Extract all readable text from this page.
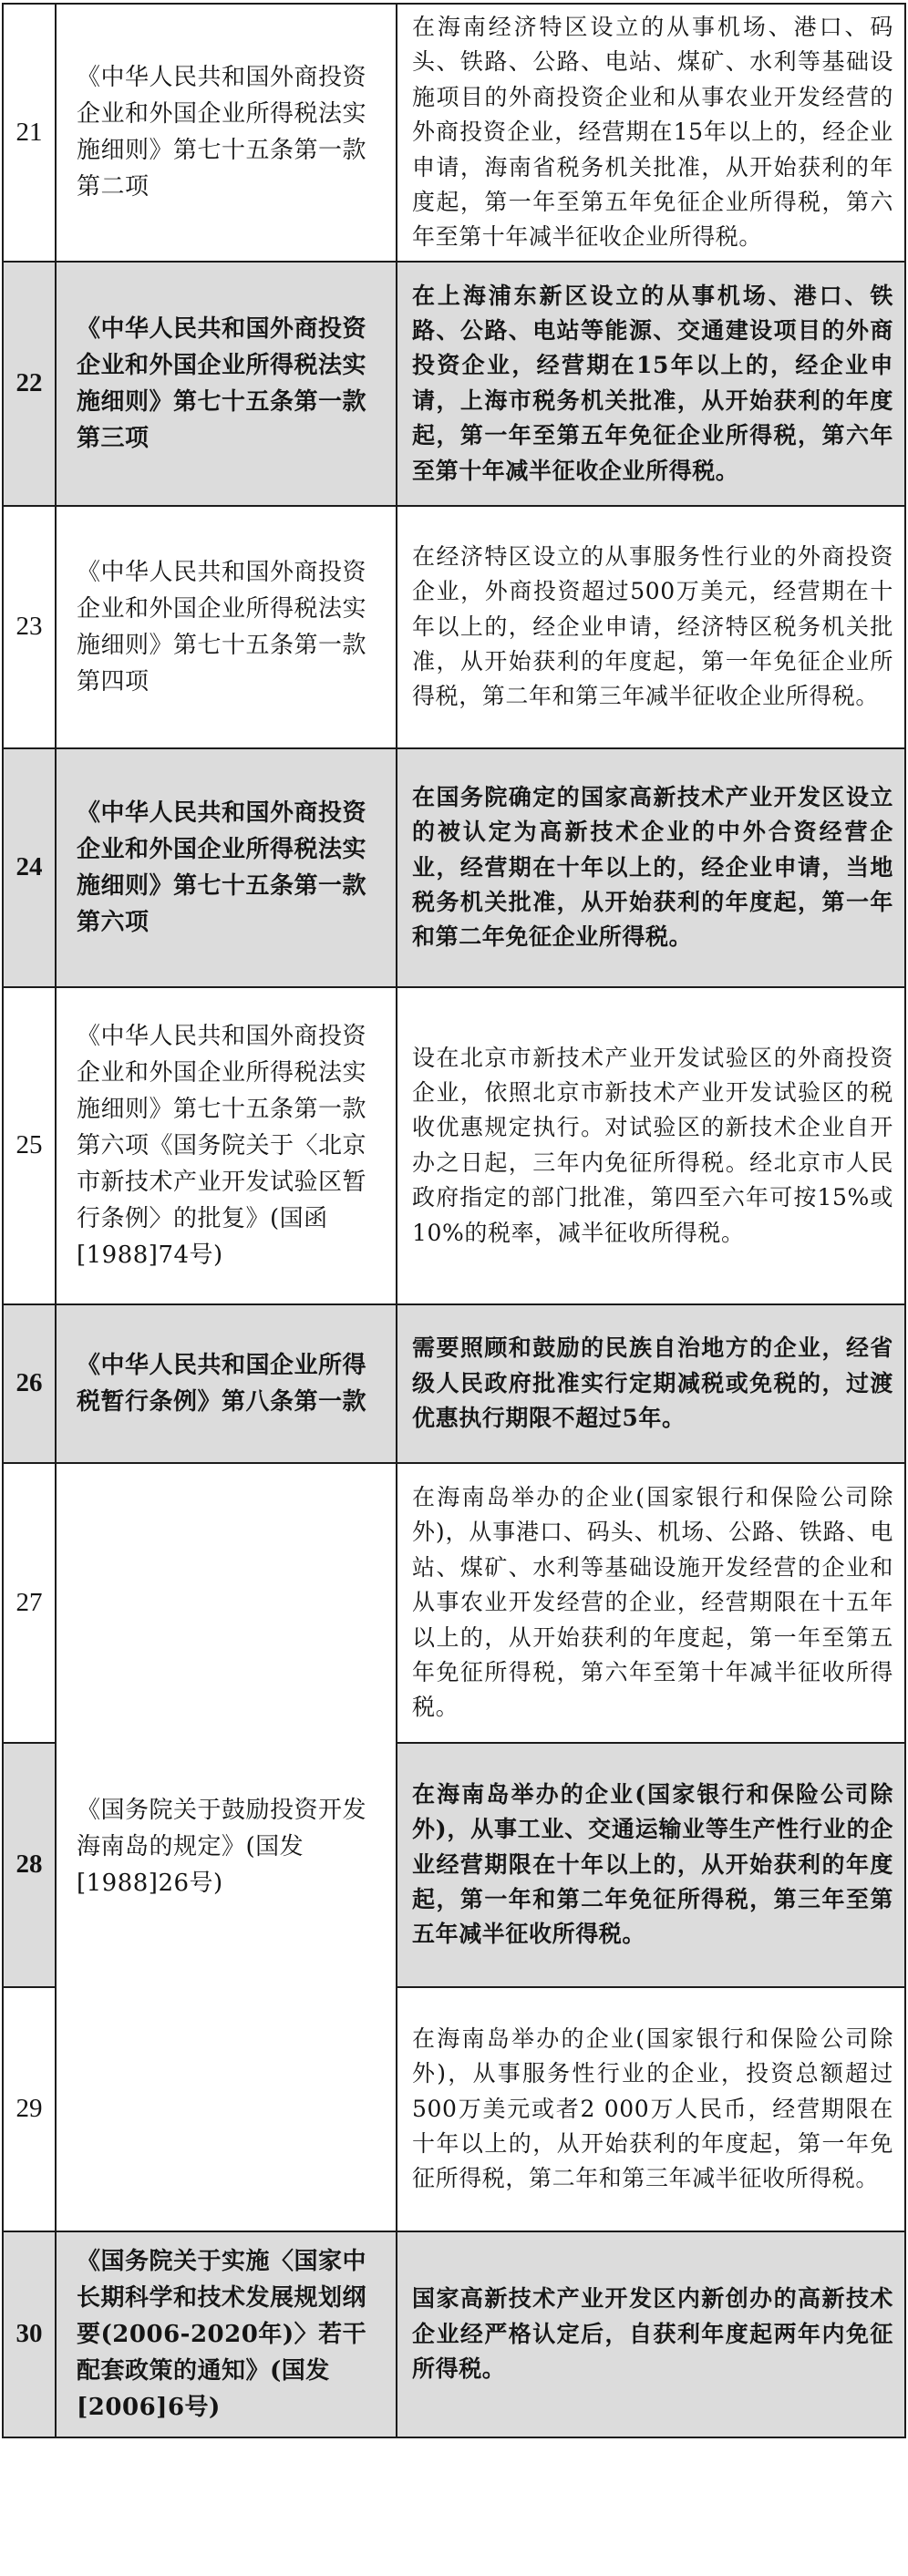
21	《中华人民共和国外商投资企业和外国企业所得税法实施细则》第七十五条第一款第二项	在海南经济特区设立的从事机场、港口、码头、铁路、公路、电站、煤矿、水利等基础设施项目的外商投资企业和从事农业开发经营的外商投资企业，经营期在15年以上的，经企业申请，海南省税务机关批准，从开始获利的年度起，第一年至第五年免征企业所得税，第六年至第十年减半征收企业所得税。
22	《中华人民共和国外商投资企业和外国企业所得税法实施细则》第七十五条第一款第三项	在上海浦东新区设立的从事机场、港口、铁路、公路、电站等能源、交通建设项目的外商投资企业，经营期在15年以上的，经企业申请，上海市税务机关批准，从开始获利的年度起，第一年至第五年免征企业所得税，第六年至第十年减半征收企业所得税。
23	《中华人民共和国外商投资企业和外国企业所得税法实施细则》第七十五条第一款第四项	在经济特区设立的从事服务性行业的外商投资企业，外商投资超过500万美元，经营期在十年以上的，经企业申请，经济特区税务机关批准，从开始获利的年度起，第一年免征企业所得税，第二年和第三年减半征收企业所得税。
24	《中华人民共和国外商投资企业和外国企业所得税法实施细则》第七十五条第一款第六项	在国务院确定的国家高新技术产业开发区设立的被认定为高新技术企业的中外合资经营企业，经营期在十年以上的，经企业申请，当地税务机关批准，从开始获利的年度起，第一年和第二年免征企业所得税。
25	《中华人民共和国外商投资企业和外国企业所得税法实施细则》第七十五条第一款第六项《国务院关于〈北京市新技术产业开发试验区暂行条例〉的批复》(国函[1988]74号)	设在北京市新技术产业开发试验区的外商投资企业，依照北京市新技术产业开发试验区的税收优惠规定执行。对试验区的新技术企业自开办之日起，三年内免征所得税。经北京市人民政府指定的部门批准，第四至六年可按15%或10%的税率，减半征收所得税。
26	《中华人民共和国企业所得税暂行条例》第八条第一款	需要照顾和鼓励的民族自治地方的企业，经省级人民政府批准实行定期减税或免税的，过渡优惠执行期限不超过5年。
27	《国务院关于鼓励投资开发海南岛的规定》(国发[1988]26号)	在海南岛举办的企业(国家银行和保险公司除外)，从事港口、码头、机场、公路、铁路、电站、煤矿、水利等基础设施开发经营的企业和从事农业开发经营的企业，经营期限在十五年以上的，从开始获利的年度起，第一年至第五年免征所得税，第六年至第十年减半征收所得税。
28		在海南岛举办的企业(国家银行和保险公司除外)，从事工业、交通运输业等生产性行业的企业经营期限在十年以上的，从开始获利的年度起，第一年和第二年免征所得税，第三年至第五年减半征收所得税。
29		在海南岛举办的企业(国家银行和保险公司除外)，从事服务性行业的企业，投资总额超过500万美元或者2 000万人民币，经营期限在十年以上的，从开始获利的年度起，第一年免征所得税，第二年和第三年减半征收所得税。
30	《国务院关于实施〈国家中长期科学和技术发展规划纲要(2006-2020年)〉若干配套政策的通知》(国发[2006]6号)	国家高新技术产业开发区内新创办的高新技术企业经严格认定后，自获利年度起两年内免征所得税。
